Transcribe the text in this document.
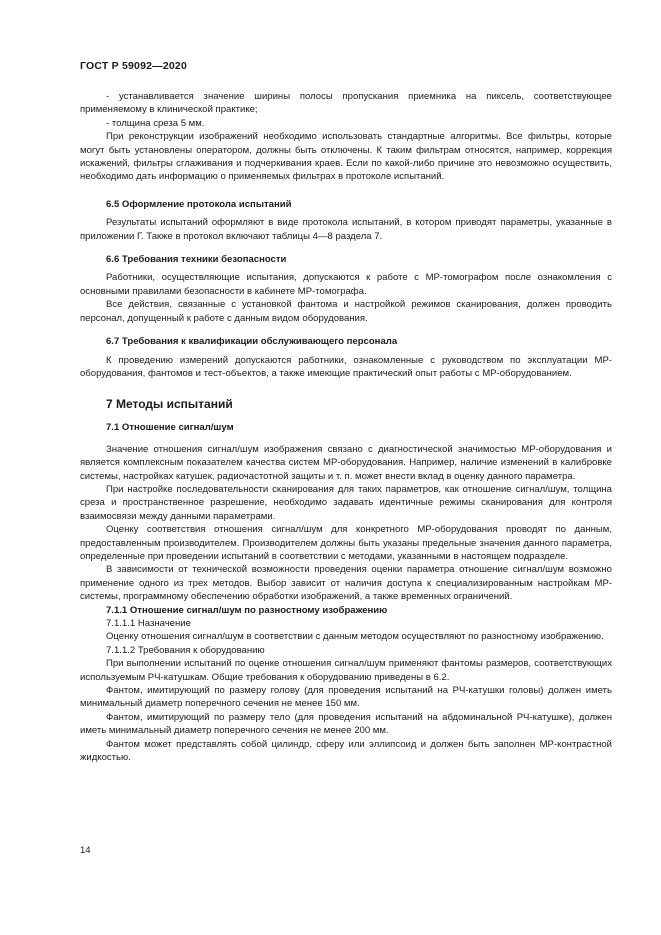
ГОСТ Р 59092—2020

- устанавливается значение ширины полосы пропускания приемника на пиксель, соответствующее применяемому в клинической практике;

- толщина среза 5 мм.

При реконструкции изображений необходимо использовать стандартные алгоритмы. Все фильтры, которые могут быть установлены оператором, должны быть отключены. К таким фильтрам относятся, например, коррекция искажений, фильтры сглаживания и подчеркивания краев. Если по какой-либо причине это невозможно осуществить, необходимо дать информацию о применяемых фильтрах в протоколе испытаний.

6.5 Оформление протокола испытаний

Результаты испытаний оформляют в виде протокола испытаний, в котором приводят параметры, указанные в приложении Г. Также в протокол включают таблицы 4—8 раздела 7.

6.6 Требования техники безопасности

Работники, осуществляющие испытания, допускаются к работе с МР-томографом после ознакомления с основными правилами безопасности в кабинете МР-томографа.

Все действия, связанные с установкой фантома и настройкой режимов сканирования, должен проводить персонал, допущенный к работе с данным видом оборудования.

6.7 Требования к квалификации обслуживающего персонала

К проведению измерений допускаются работники, ознакомленные с руководством по эксплуатации МР-оборудования, фантомов и тест-объектов, а также имеющие практический опыт работы с МР-оборудованием.

7 Методы испытаний

7.1 Отношение сигнал/шум

Значение отношения сигнал/шум изображения связано с диагностической значимостью МР-оборудования и является комплексным показателем качества систем МР-оборудования. Например, наличие изменений в калибровке системы, настройках катушек, радиочастотной защиты и т. п. может внести вклад в оценку данного параметра.

При настройке последовательности сканирования для таких параметров, как отношение сигнал/шум, толщина среза и пространственное разрешение, необходимо задавать идентичные режимы сканирования для контроля взаимосвязи между данными параметрами.

Оценку соответствия отношения сигнал/шум для конкретного МР-оборудования проводят по данным, предоставленным производителем. Производителем должны быть указаны предельные значения данного параметра, определенные при проведении испытаний в соответствии с методами, указанными в настоящем подразделе.

В зависимости от технической возможности проведения оценки параметра отношение сигнал/шум возможно применение одного из трех методов. Выбор зависит от наличия доступа к специализированным настройкам МР-системы, программному обеспечению обработки изображений, а также временных ограничений.

7.1.1 Отношение сигнал/шум по разностному изображению

7.1.1.1 Назначение

Оценку отношения сигнал/шум в соответствии с данным методом осуществляют по разностному изображению.

7.1.1.2 Требования к оборудованию

При выполнении испытаний по оценке отношения сигнал/шум применяют фантомы размеров, соответствующих используемым РЧ-катушкам. Общие требования к оборудованию приведены в 6.2.

Фантом, имитирующий по размеру голову (для проведения испытаний на РЧ-катушки головы) должен иметь минимальный диаметр поперечного сечения не менее 150 мм.

Фантом, имитирующий по размеру тело (для проведения испытаний на абдоминальной РЧ-катушке), должен иметь минимальный диаметр поперечного сечения не менее 200 мм.

Фантом может представлять собой цилиндр, сферу или эллипсоид и должен быть заполнен МР-контрастной жидкостью.

14
